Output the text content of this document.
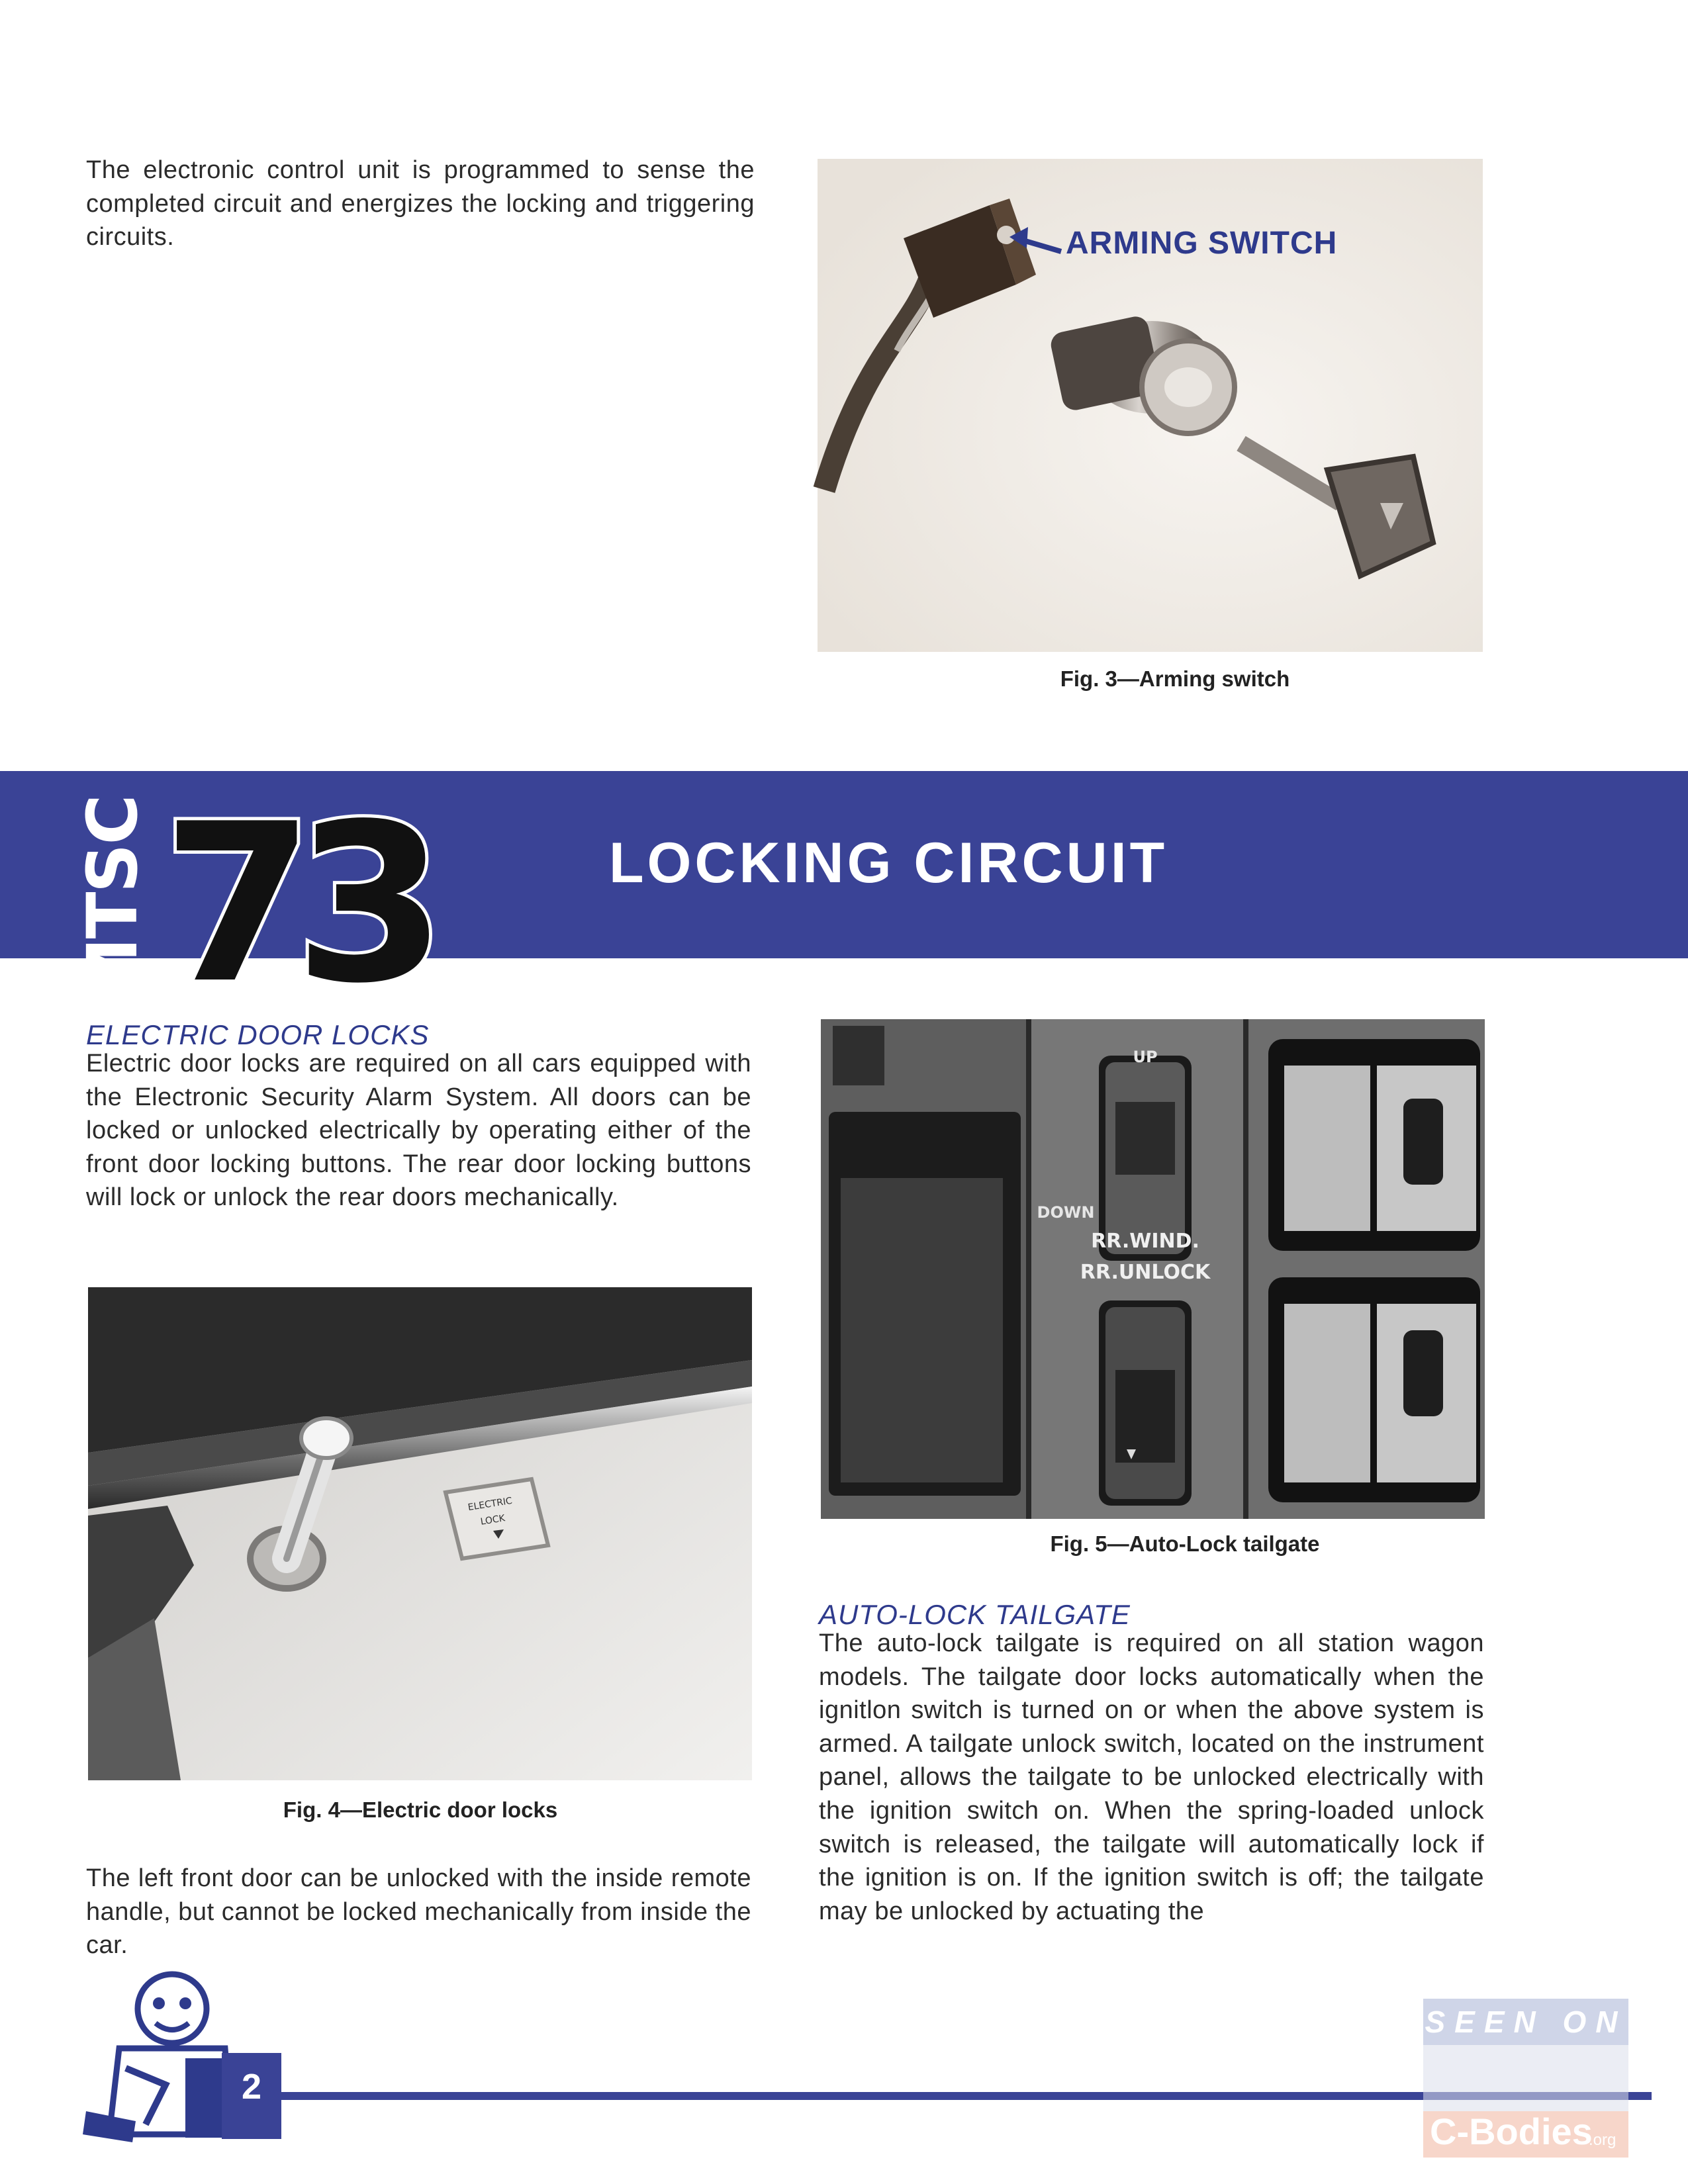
The electronic control unit is programmed to sense the completed circuit and energizes the locking and triggering circuits.	ARMING SWITCH
Fig. 3—Arming switch
73
MTSC	LOCKING CIRCUIT
ELECTRIC DOOR LOCKS
Electric door locks are required on all cars equipped with the Electronic Security Alarm System. All doors can be locked or unlocked electrically by operating either of the front door locking buttons. The rear door locking buttons will lock or unlock the rear doors mechanically.
ELECTRIC
LOCK
Fig. 4—Electric door locks
The left front door can be unlocked with the inside remote handle, but cannot be locked mechanically from inside the car.
UP
DOWN
RR.WIND.
RR.UNLOCK
Fig. 5—Auto-Lock tailgate
AUTO-LOCK TAILGATE
The auto-lock tailgate is required on all station wagon models. The tailgate door locks automatically when the ignitlon switch is turned on or when the above system is armed. A tailgate unlock switch, located on the instrument panel, allows the tailgate to be unlocked electrically with the ignition switch on. When the spring-loaded unlock switch is released, the tailgate will automatically lock if the ignition is on. If the ignition switch is off; the tailgate may be unlocked by actuating the
2
SEEN ON
C-Bodies
.org
